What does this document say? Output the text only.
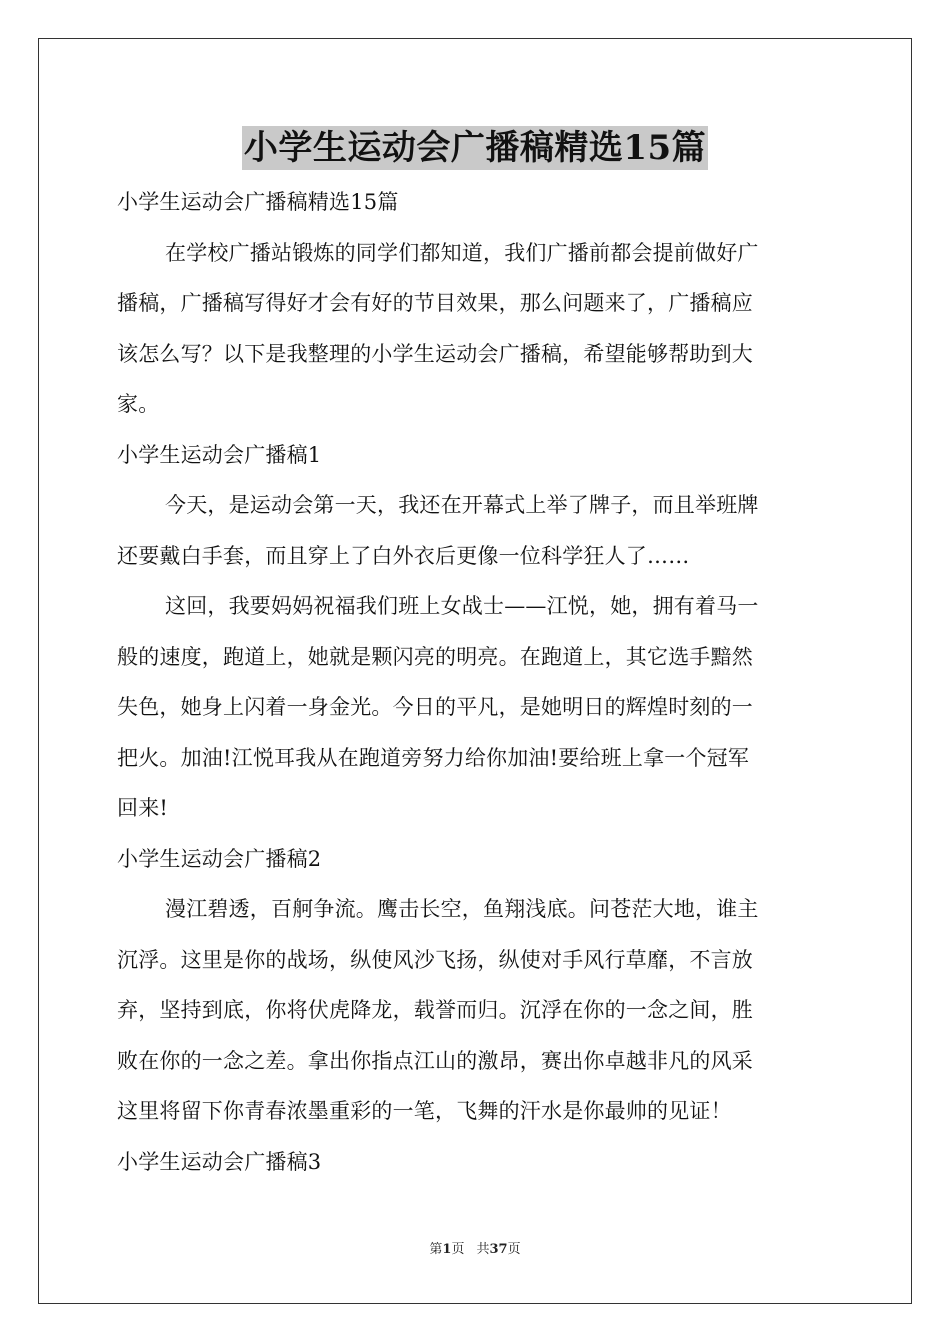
小学生运动会广播稿精选15篇

小学生运动会广播稿精选15篇

在学校广播站锻炼的同学们都知道，我们广播前都会提前做好广

播稿，广播稿写得好才会有好的节目效果，那么问题来了，广播稿应

该怎么写？以下是我整理的小学生运动会广播稿，希望能够帮助到大

家。

小学生运动会广播稿1

今天，是运动会第一天，我还在开幕式上举了牌子，而且举班牌

还要戴白手套，而且穿上了白外衣后更像一位科学狂人了……

这回，我要妈妈祝福我们班上女战士——江悦，她，拥有着马一

般的速度，跑道上，她就是颗闪亮的明亮。在跑道上，其它选手黯然

失色，她身上闪着一身金光。今日的平凡，是她明日的辉煌时刻的一

把火。加油!江悦耳我从在跑道旁努力给你加油!要给班上拿一个冠军

回来!

小学生运动会广播稿2

漫江碧透，百舸争流。鹰击长空，鱼翔浅底。问苍茫大地，谁主

沉浮。这里是你的战场，纵使风沙飞扬，纵使对手风行草靡，不言放

弃，坚持到底，你将伏虎降龙，载誉而归。沉浮在你的一念之间，胜

败在你的一念之差。拿出你指点江山的激昂，赛出你卓越非凡的风采

这里将留下你青春浓墨重彩的一笔，飞舞的汗水是你最帅的见证！

小学生运动会广播稿3

第1页 共37页
